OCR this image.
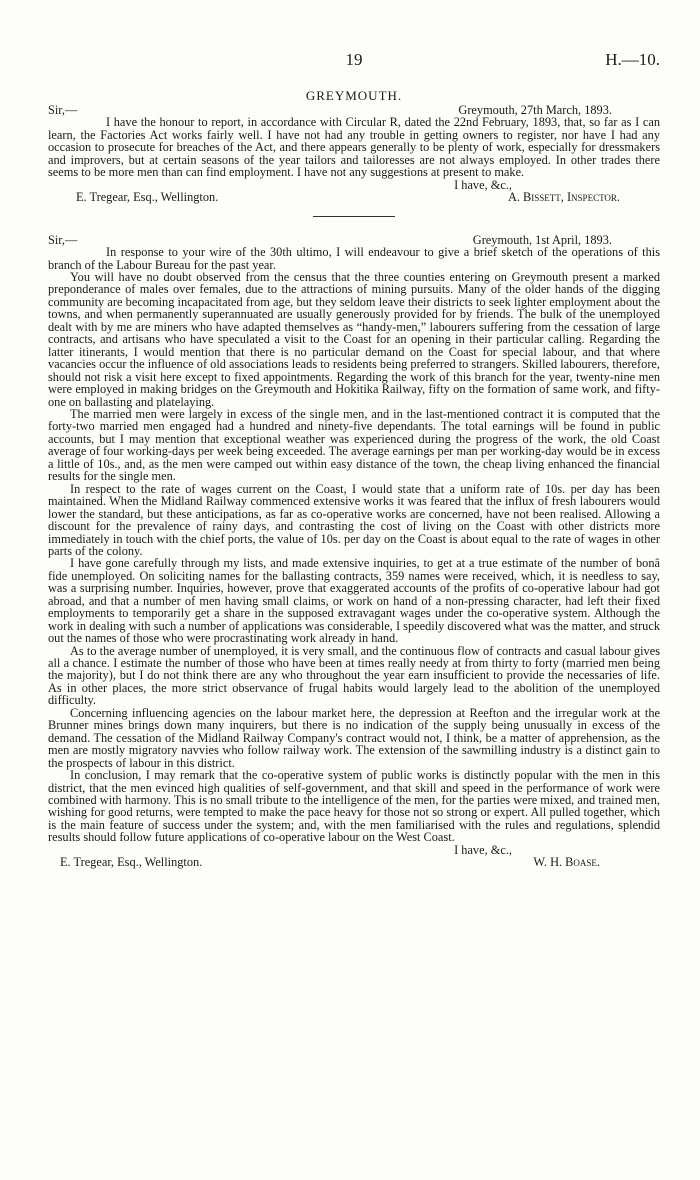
19	H.—10.
GREYMOUTH.
Sir,—	Greymouth, 27th March, 1893.

I have the honour to report, in accordance with Circular R, dated the 22nd February, 1893, that, so far as I can learn, the Factories Act works fairly well. I have not had any trouble in getting owners to register, nor have I had any occasion to prosecute for breaches of the Act, and there appears generally to be plenty of work, especially for dressmakers and improvers, but at certain seasons of the year tailors and tailoresses are not always employed. In other trades there seems to be more men than can find employment. I have not any suggestions at present to make.

I have, &c.,
E. Tregear, Esq., Wellington.	A. Bissett, Inspector.
Sir,—	Greymouth, 1st April, 1893.

In response to your wire of the 30th ultimo, I will endeavour to give a brief sketch of the operations of this branch of the Labour Bureau for the past year.

You will have no doubt observed from the census that the three counties entering on Greymouth present a marked preponderance of males over females, due to the attractions of mining pursuits. Many of the older hands of the digging community are becoming incapacitated from age, but they seldom leave their districts to seek lighter employment about the towns, and when permanently superannuated are usually generously provided for by friends. The bulk of the unemployed dealt with by me are miners who have adapted themselves as “handy-men,” labourers suffering from the cessation of large contracts, and artisans who have speculated a visit to the Coast for an opening in their particular calling. Regarding the latter itinerants, I would mention that there is no particular demand on the Coast for special labour, and that where vacancies occur the influence of old associations leads to residents being preferred to strangers. Skilled labourers, therefore, should not risk a visit here except to fixed appointments. Regarding the work of this branch for the year, twenty-nine men were employed in making bridges on the Greymouth and Hokitika Railway, fifty on the formation of same work, and fifty-one on ballasting and platelaying.

The married men were largely in excess of the single men, and in the last-mentioned contract it is computed that the forty-two married men engaged had a hundred and ninety-five dependants. The total earnings will be found in public accounts, but I may mention that exceptional weather was experienced during the progress of the work, the old Coast average of four working-days per week being exceeded. The average earnings per man per working-day would be in excess a little of 10s., and, as the men were camped out within easy distance of the town, the cheap living enhanced the financial results for the single men.

In respect to the rate of wages current on the Coast, I would state that a uniform rate of 10s. per day has been maintained. When the Midland Railway commenced extensive works it was feared that the influx of fresh labourers would lower the standard, but these anticipations, as far as co-operative works are concerned, have not been realised. Allowing a discount for the prevalence of rainy days, and contrasting the cost of living on the Coast with other districts more immediately in touch with the chief ports, the value of 10s. per day on the Coast is about equal to the rate of wages in other parts of the colony.

I have gone carefully through my lists, and made extensive inquiries, to get at a true estimate of the number of bonâ fide unemployed. On soliciting names for the ballasting contracts, 359 names were received, which, it is needless to say, was a surprising number. Inquiries, however, prove that exaggerated accounts of the profits of co-operative labour had got abroad, and that a number of men having small claims, or work on hand of a non-pressing character, had left their fixed employments to temporarily get a share in the supposed extravagant wages under the co-operative system. Although the work in dealing with such a number of applications was considerable, I speedily discovered what was the matter, and struck out the names of those who were procrastinating work already in hand.

As to the average number of unemployed, it is very small, and the continuous flow of contracts and casual labour gives all a chance. I estimate the number of those who have been at times really needy at from thirty to forty (married men being the majority), but I do not think there are any who throughout the year earn insufficient to provide the necessaries of life. As in other places, the more strict observance of frugal habits would largely lead to the abolition of the unemployed difficulty.

Concerning influencing agencies on the labour market here, the depression at Reefton and the irregular work at the Brunner mines brings down many inquirers, but there is no indication of the supply being unusually in excess of the demand. The cessation of the Midland Railway Company's contract would not, I think, be a matter of apprehension, as the men are mostly migratory navvies who follow railway work. The extension of the sawmilling industry is a distinct gain to the prospects of labour in this district.

In conclusion, I may remark that the co-operative system of public works is distinctly popular with the men in this district, that the men evinced high qualities of self-government, and that skill and speed in the performance of work were combined with harmony. This is no small tribute to the intelligence of the men, for the parties were mixed, and trained men, wishing for good returns, were tempted to make the pace heavy for those not so strong or expert. All pulled together, which is the main feature of success under the system; and, with the men familiarised with the rules and regulations, splendid results should follow future applications of co-operative labour on the West Coast.

I have, &c.,
E. Tregear, Esq., Wellington.	W. H. Boase.
